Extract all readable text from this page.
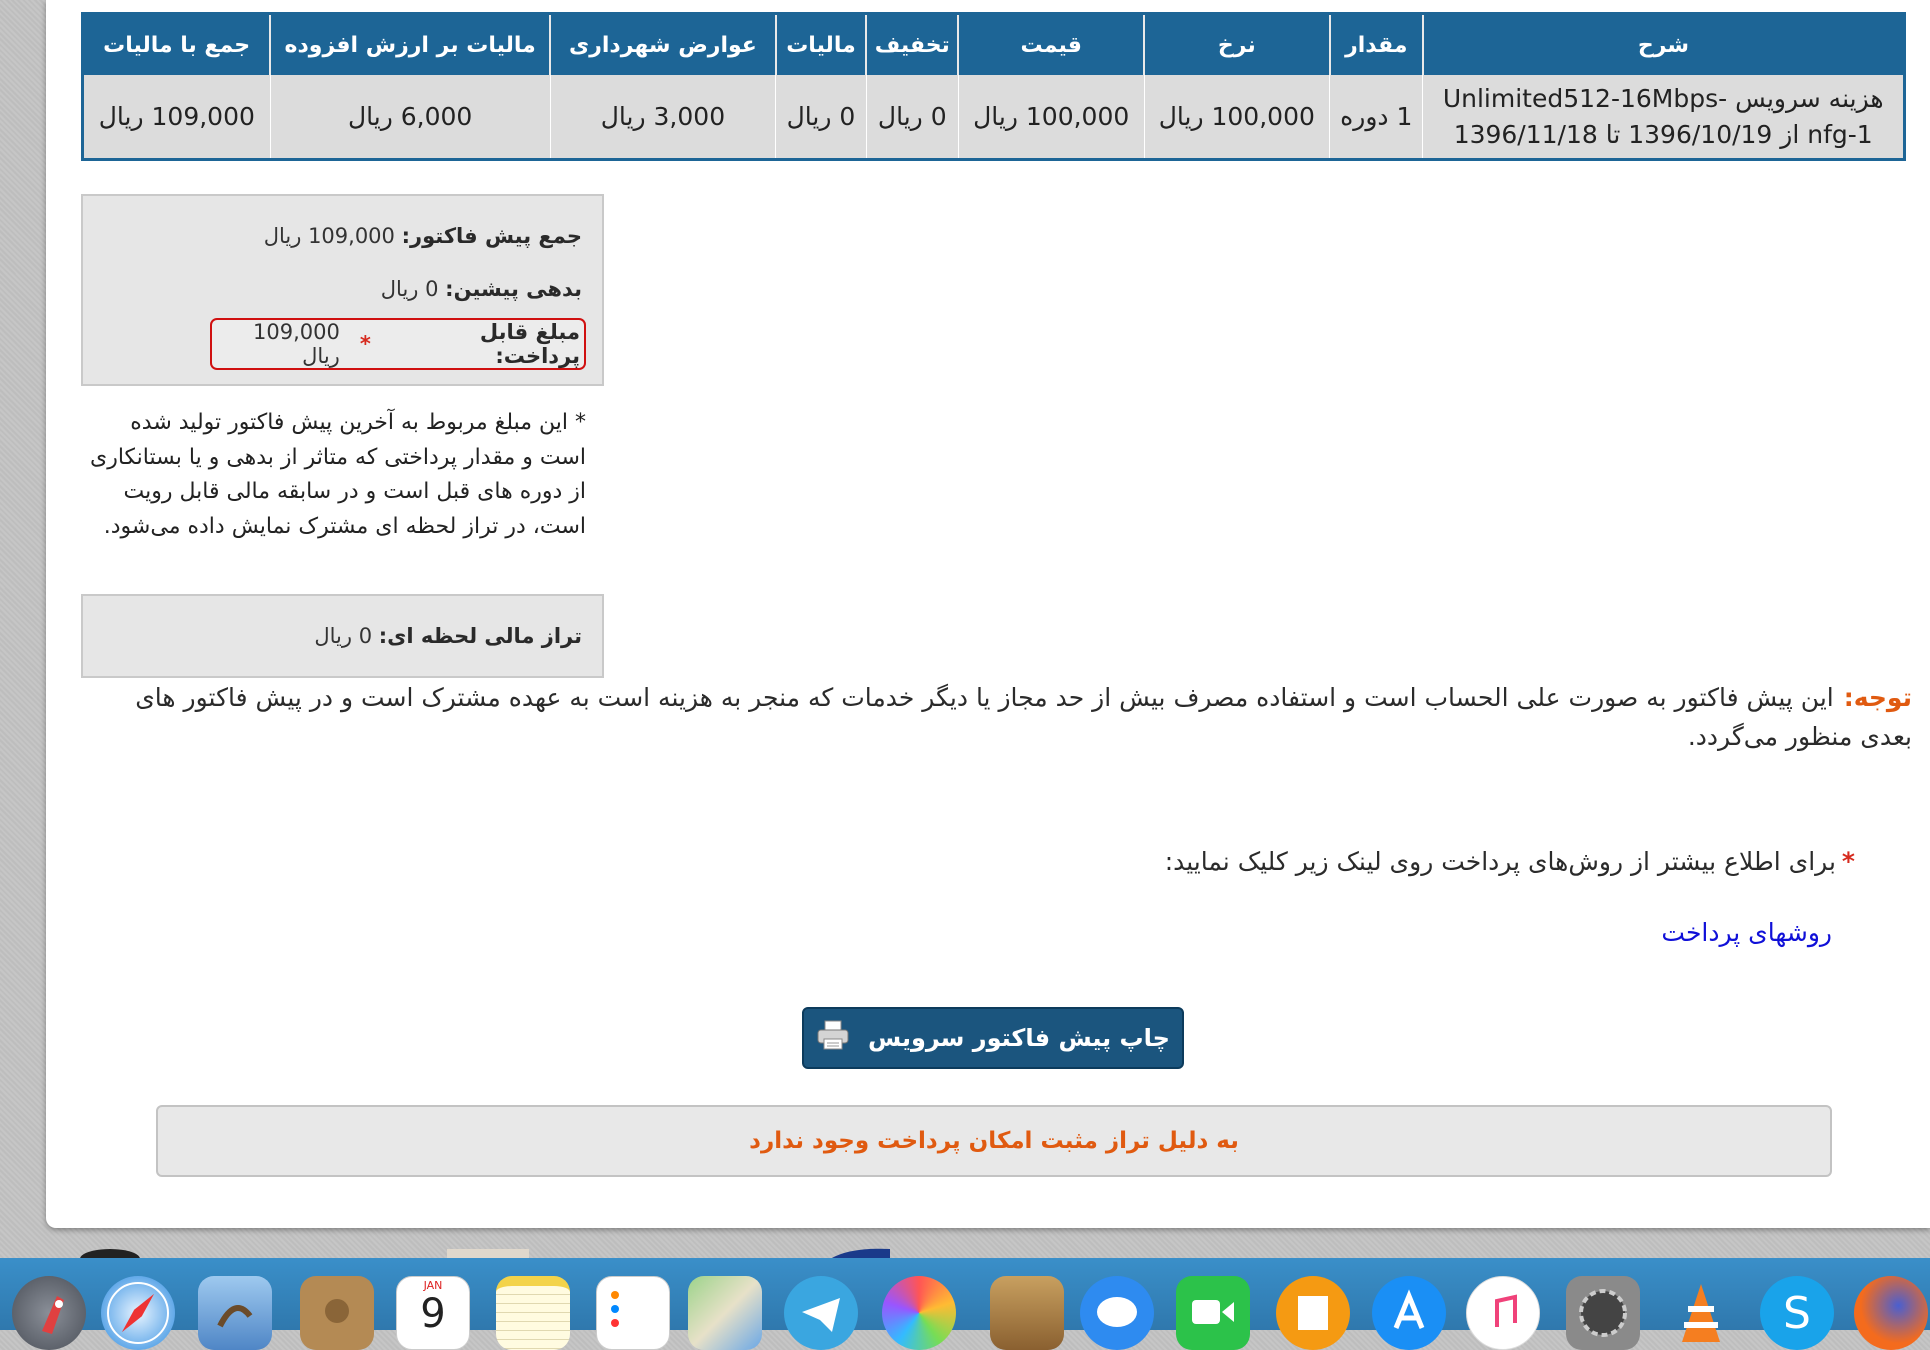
شرح	مقدار	نرخ	قیمت	تخفیف	مالیات	عوارض شهرداری	مالیات بر ارزش افزوده	جمع با مالیات

هزینه سرویس -Unlimited512-16Mbps
nfg-1 از 1396/10/19 تا 1396/11/18	1 دوره	100,000 ریال	100,000 ریال	0 ریال	0 ریال	3,000 ریال	6,000 ریال	109,000 ریال
جمع پیش فاکتور: 109,000 ریال
بدهی پیشین: 0 ریال
مبلغ قابل پرداخت:
*
109,000 ریال
* این مبلغ مربوط به آخرین پیش فاکتور تولید شده است و مقدار پرداختی که متاثر از بدهی و یا بستانکاری از دوره های قبل است و در سابقه مالی قابل رویت است، در تراز لحظه ای مشترک نمایش داده می‌شود.
تراز مالی لحظه ای: 0 ریال
توجه:این پیش فاکتور به صورت علی الحساب است و استفاده مصرف بیش از حد مجاز یا دیگر خدمات که منجر به هزینه است به عهده مشترک است و در پیش فاکتور های بعدی منظور می‌گردد.
*برای اطلاع بیشتر از روش‌های پرداخت روی لینک زیر کلیک نمایید:
روشهای پرداخت
چاپ پیش فاکتور سرویس
به دلیل تراز مثبت امکان پرداخت وجود ندارد
JAN
9	S
